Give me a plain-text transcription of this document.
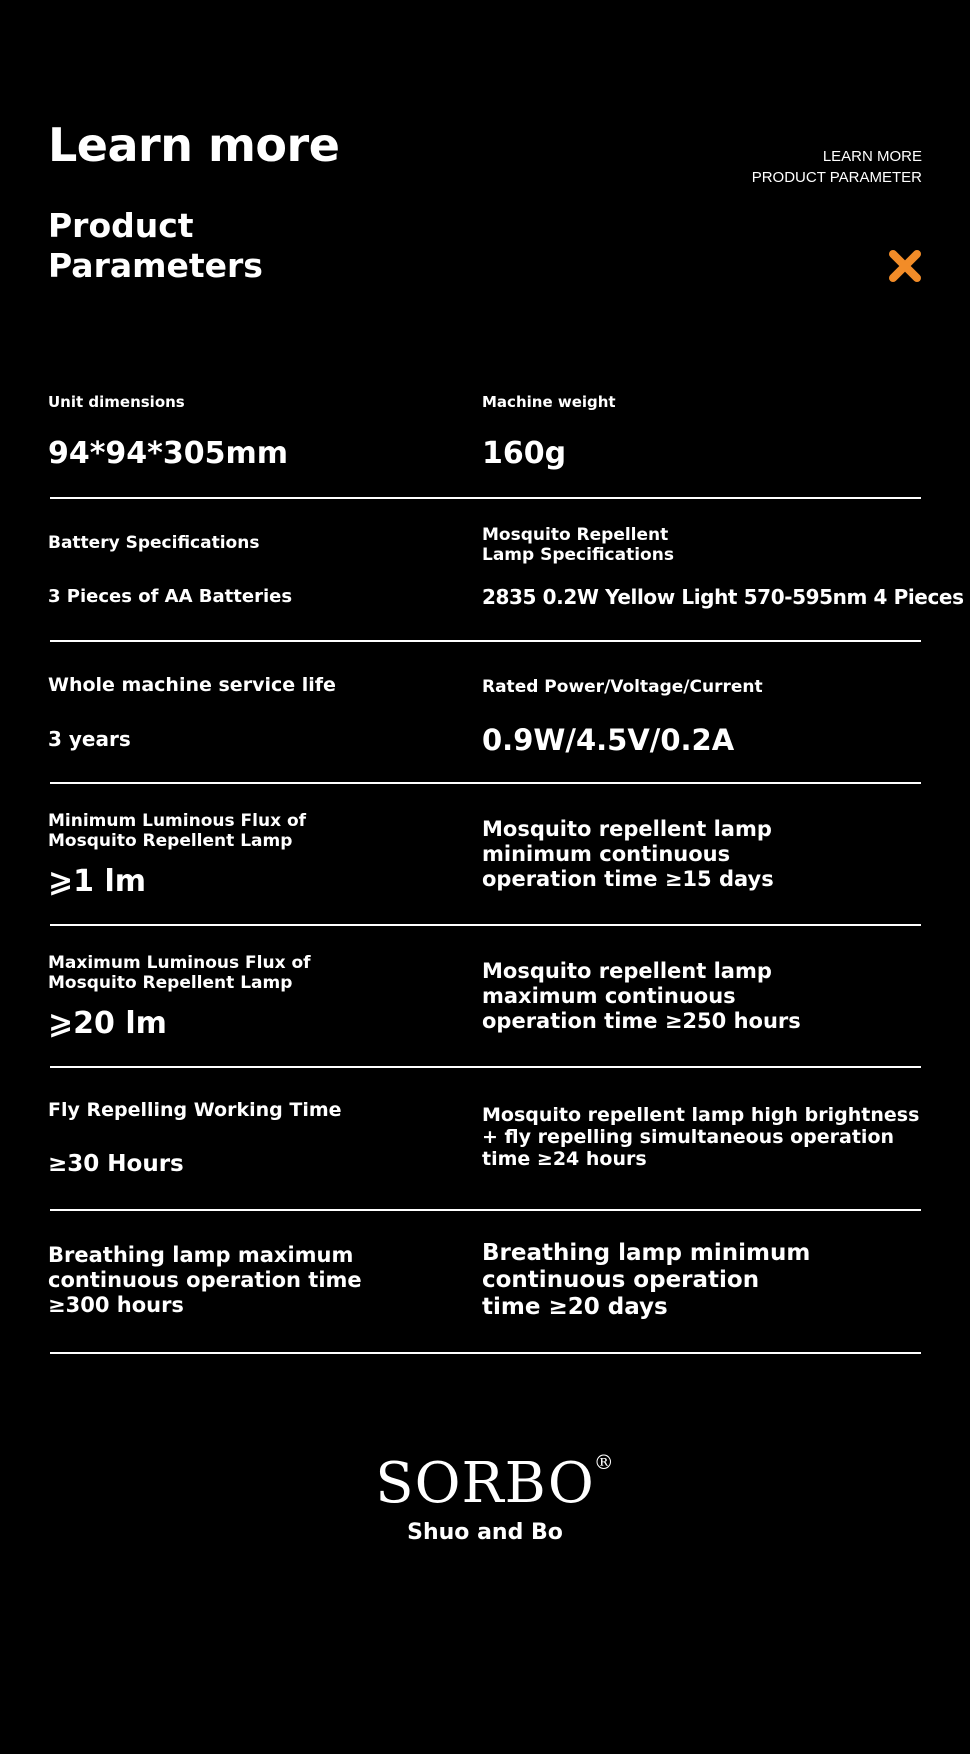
Learn more
Product
Parameters
LEARN MORE
PRODUCT PARAMETER
Unit dimensions
94*94*305mm
Machine weight
160g
Battery Specifications
3 Pieces of AA Batteries
Mosquito Repellent
Lamp Specifications
2835 0.2W Yellow Light 570-595nm 4 Pieces
Whole machine service life
3 years
Rated Power/Voltage/Current
0.9W/4.5V/0.2A
Minimum Luminous Flux of
Mosquito Repellent Lamp
⩾1 lm
Mosquito repellent lamp
minimum continuous
operation time ≥15 days
Maximum Luminous Flux of
Mosquito Repellent Lamp
⩾20 lm
Mosquito repellent lamp
maximum continuous
operation time ≥250 hours
Fly Repelling Working Time
≥30 Hours
Mosquito repellent lamp high brightness
+ fly repelling simultaneous operation
time ≥24 hours
Breathing lamp maximum
continuous operation time
≥300 hours
Breathing lamp minimum
continuous operation
time ≥20 days
SORBO ®
Shuo and Bo
